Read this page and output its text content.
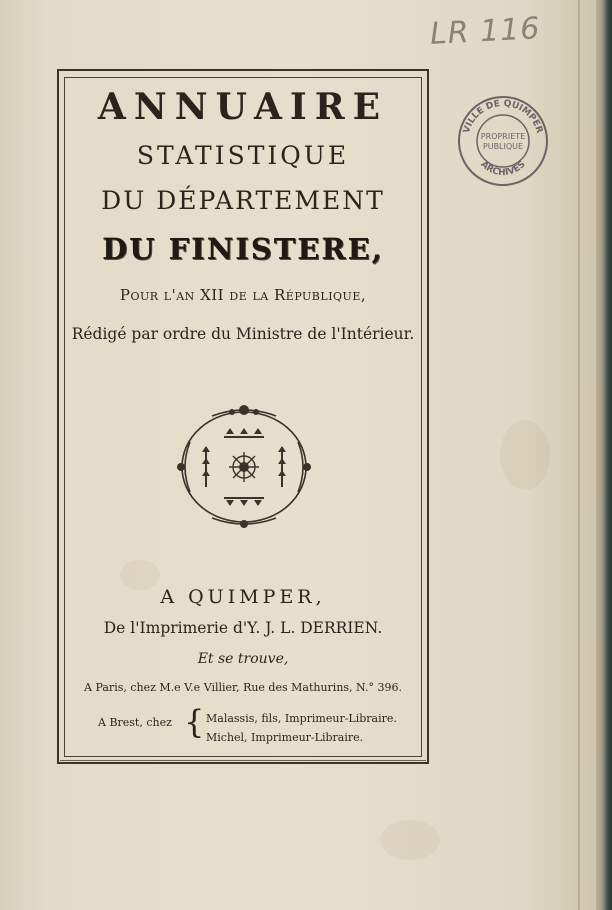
LR 116
VILLE DE QUIMPER
ARCHIVES
PROPRIETE
PUBLIQUE
ANNUAIRE
STATISTIQUE
DU DÉPARTEMENT
DU FINISTERE,
Pour l'an XII de la République,
Rédigé par ordre du Ministre de l'Intérieur.
A QUIMPER,
De l'Imprimerie d'Y. J. L. DERRIEN.
Et se trouve,
A Paris, chez M.e V.e Villier, Rue des Mathurins, N.° 396.
A Brest, chez { Malassis, fils, Imprimeur-Libraire.
Michel, Imprimeur-Libraire.
